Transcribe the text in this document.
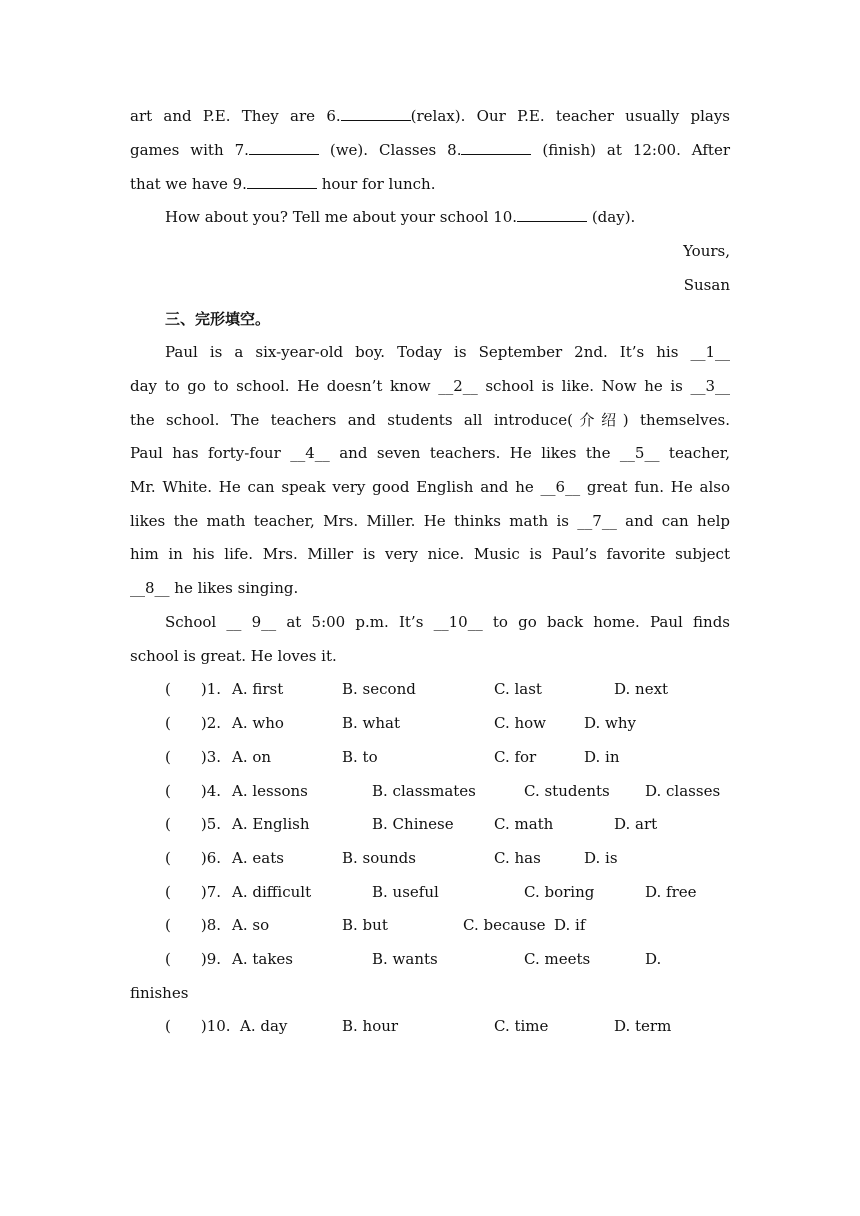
art and P.E. They are 6.	(relax). Our P.E. teacher usually plays
games with 7.	(we). Classes 8.	(finish) at 12:00. After
that we have 9.	hour for lunch.
How about you? Tell me about your school 10.	(day).
Yours,
Susan
三、完形填空。
Paul is a six-year-old boy. Today is September 2nd. It’s his __1__
day to go to school. He doesn’t know __2__ school is like. Now he is __3__
the school. The teachers and students all introduce(介绍) themselves.
Paul has forty-four __4__ and seven teachers. He likes the __5__ teacher,
Mr. White. He can speak very good English and he __6__ great fun. He also
likes the math teacher, Mrs. Miller. He thinks math is __7__ and can help
him in his life. Mrs. Miller is very nice. Music is Paul’s favorite subject
__8__ he likes singing.
School __ 9__ at 5:00 p.m. It’s __10__ to go back home. Paul finds
school is great. He loves it.
(  )1. A. first	B. second	C. last	D. next
(  )2. A. who	B. what	C. how	D. why
(  )3. A. on	B. to	C. for	D. in
(  )4. A. lessons	B. classmates	C. students D. classes
(  )5. A. English	B. Chinese	C. math	D. art
(  )6. A. eats	B. sounds	C. has	D. is
(  )7. A. difficult	B. useful	C. boring	D. free
(  )8. A. so	B. but	C. because D. if
(  )9. A. takes	B. wants	C. meets	D.
finishes
(  )10. A. day	B. hour	C. time	D. term
